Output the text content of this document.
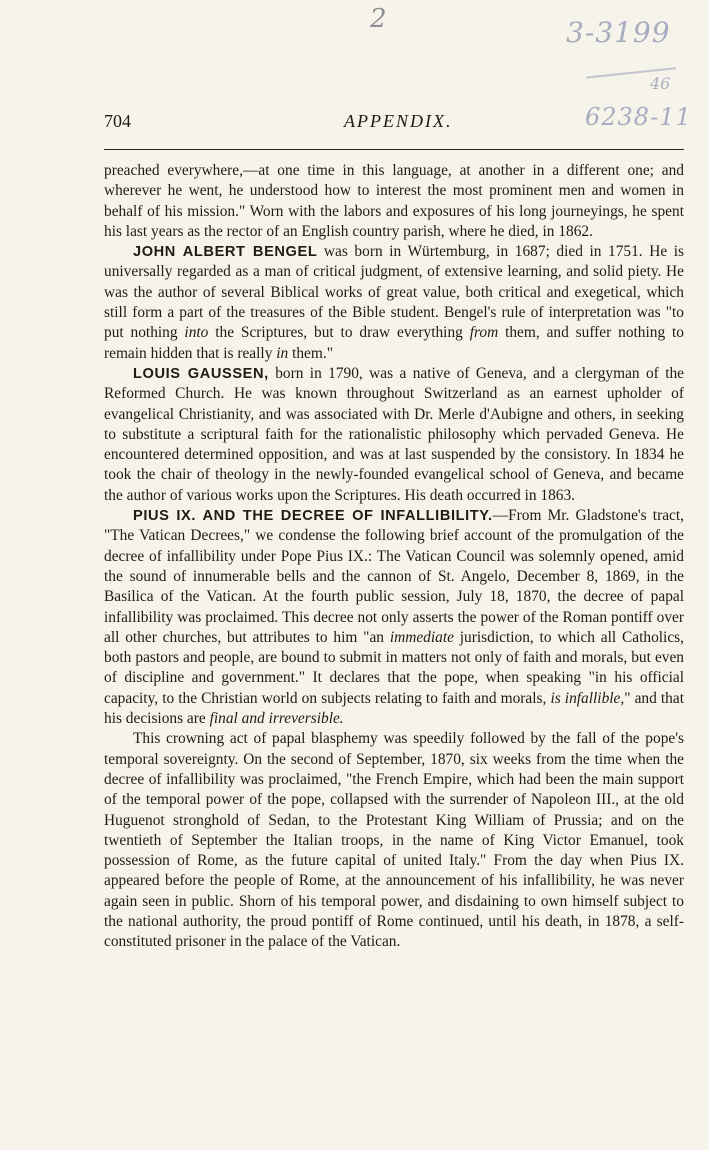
2	3-3199
46
6238-11
704	APPENDIX.

preached everywhere,—at one time in this language, at another in a different one; and wherever he went, he understood how to interest the most prominent men and women in behalf of his mission." Worn with the labors and exposures of his long journeyings, he spent his last years as the rector of an English country parish, where he died, in 1862.

JOHN ALBERT BENGEL was born in Würtemburg, in 1687; died in 1751. He is universally regarded as a man of critical judgment, of extensive learning, and solid piety. He was the author of several Biblical works of great value, both critical and exegetical, which still form a part of the treasures of the Bible student. Bengel's rule of interpretation was "to put nothing into the Scriptures, but to draw everything from them, and suffer nothing to remain hidden that is really in them."

LOUIS GAUSSEN, born in 1790, was a native of Geneva, and a clergyman of the Reformed Church. He was known throughout Switzerland as an earnest upholder of evangelical Christianity, and was associated with Dr. Merle d'Aubigne and others, in seeking to substitute a scriptural faith for the rationalistic philosophy which pervaded Geneva. He encountered determined opposition, and was at last suspended by the consistory. In 1834 he took the chair of theology in the newly-founded evangelical school of Geneva, and became the author of various works upon the Scriptures. His death occurred in 1863.

PIUS IX. AND THE DECREE OF INFALLIBILITY.—From Mr. Gladstone's tract, "The Vatican Decrees," we condense the following brief account of the promulgation of the decree of infallibility under Pope Pius IX.: The Vatican Council was solemnly opened, amid the sound of innumerable bells and the cannon of St. Angelo, December 8, 1869, in the Basilica of the Vatican. At the fourth public session, July 18, 1870, the decree of papal infallibility was proclaimed. This decree not only asserts the power of the Roman pontiff over all other churches, but attributes to him "an immediate jurisdiction, to which all Catholics, both pastors and people, are bound to submit in matters not only of faith and morals, but even of discipline and government." It declares that the pope, when speaking "in his official capacity, to the Christian world on subjects relating to faith and morals, is infallible," and that his decisions are final and irreversible.

This crowning act of papal blasphemy was speedily followed by the fall of the pope's temporal sovereignty. On the second of September, 1870, six weeks from the time when the decree of infallibility was proclaimed, "the French Empire, which had been the main support of the temporal power of the pope, collapsed with the surrender of Napoleon III., at the old Huguenot stronghold of Sedan, to the Protestant King William of Prussia; and on the twentieth of September the Italian troops, in the name of King Victor Emanuel, took possession of Rome, as the future capital of united Italy." From the day when Pius IX. appeared before the people of Rome, at the announcement of his infallibility, he was never again seen in public. Shorn of his temporal power, and disdaining to own himself subject to the national authority, the proud pontiff of Rome continued, until his death, in 1878, a self-constituted prisoner in the palace of the Vatican.
